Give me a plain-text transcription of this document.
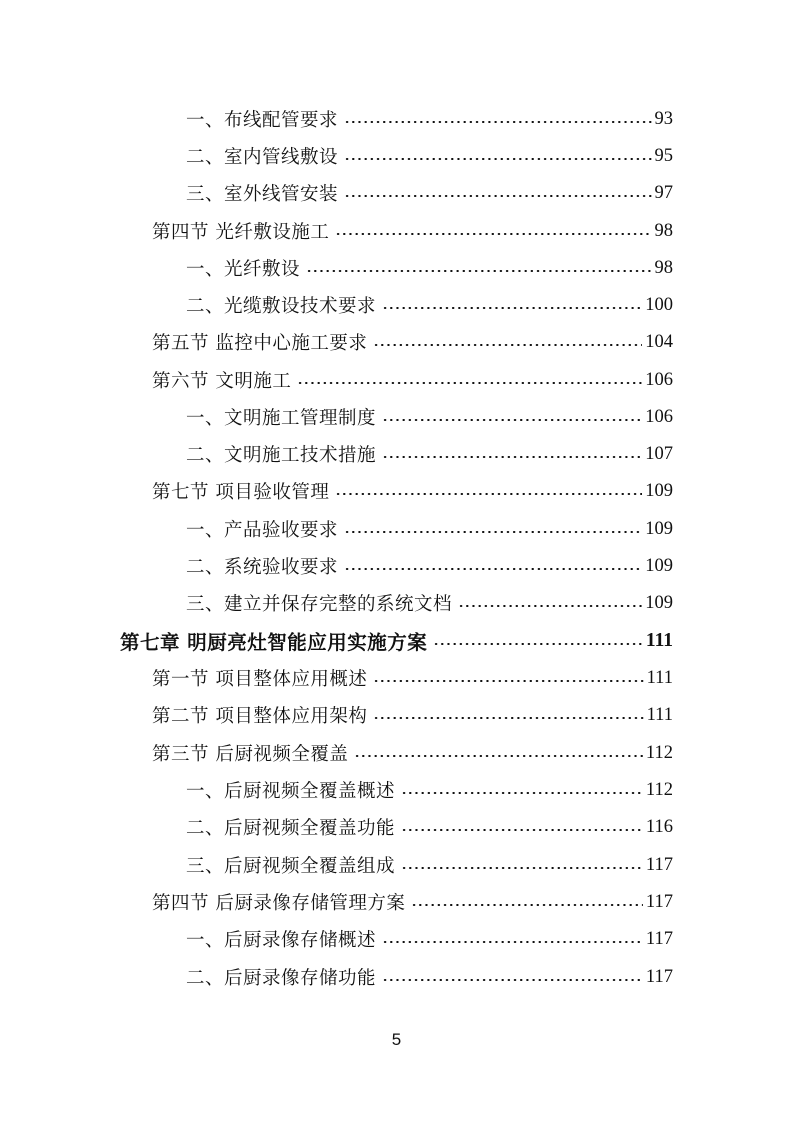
一、布线配管要求	93
二、室内管线敷设	95
三、室外线管安装	97
第四节 光纤敷设施工	98
一、光纤敷设	98
二、光缆敷设技术要求	100
第五节 监控中心施工要求	104
第六节 文明施工	106
一、文明施工管理制度	106
二、文明施工技术措施	107
第七节 项目验收管理	109
一、产品验收要求	109
二、系统验收要求	109
三、建立并保存完整的系统文档	109
第七章 明厨亮灶智能应用实施方案	111
第一节 项目整体应用概述	111
第二节 项目整体应用架构	111
第三节 后厨视频全覆盖	112
一、后厨视频全覆盖概述	112
二、后厨视频全覆盖功能	116
三、后厨视频全覆盖组成	117
第四节 后厨录像存储管理方案	117
一、后厨录像存储概述	117
二、后厨录像存储功能	117
5
